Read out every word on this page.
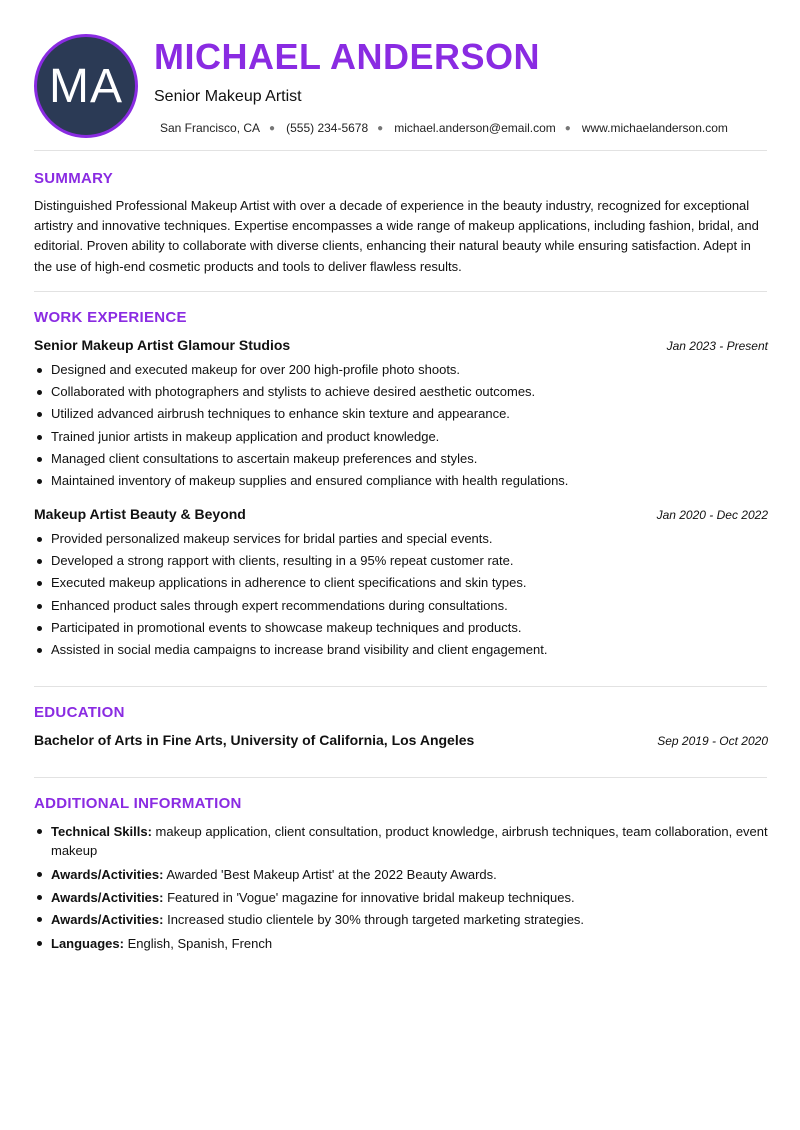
MA
MICHAEL ANDERSON
Senior Makeup Artist
San Francisco, CA ● (555) 234-5678 ● michael.anderson@email.com ● www.michaelanderson.com
SUMMARY

Distinguished Professional Makeup Artist with over a decade of experience in the beauty industry, recognized for exceptional artistry and innovative techniques. Expertise encompasses a wide range of makeup applications, including fashion, bridal, and editorial. Proven ability to collaborate with diverse clients, enhancing their natural beauty while ensuring satisfaction. Adept in the use of high-end cosmetic products and tools to deliver flawless results.

WORK EXPERIENCE
Senior Makeup Artist Glamour Studios	Jan 2023 - Present
Designed and executed makeup for over 200 high-profile photo shoots.
Collaborated with photographers and stylists to achieve desired aesthetic outcomes.
Utilized advanced airbrush techniques to enhance skin texture and appearance.
Trained junior artists in makeup application and product knowledge.
Managed client consultations to ascertain makeup preferences and styles.
Maintained inventory of makeup supplies and ensured compliance with health regulations.
Makeup Artist Beauty & Beyond	Jan 2020 - Dec 2022
Provided personalized makeup services for bridal parties and special events.
Developed a strong rapport with clients, resulting in a 95% repeat customer rate.
Executed makeup applications in adherence to client specifications and skin types.
Enhanced product sales through expert recommendations during consultations.
Participated in promotional events to showcase makeup techniques and products.
Assisted in social media campaigns to increase brand visibility and client engagement.
EDUCATION
Bachelor of Arts in Fine Arts, University of California, Los Angeles	Sep 2019 - Oct 2020
ADDITIONAL INFORMATION
Technical Skills: makeup application, client consultation, product knowledge, airbrush techniques, team collaboration, event makeup
Awards/Activities: Awarded 'Best Makeup Artist' at the 2022 Beauty Awards.
Awards/Activities: Featured in 'Vogue' magazine for innovative bridal makeup techniques.
Awards/Activities: Increased studio clientele by 30% through targeted marketing strategies.
Languages: English, Spanish, French
